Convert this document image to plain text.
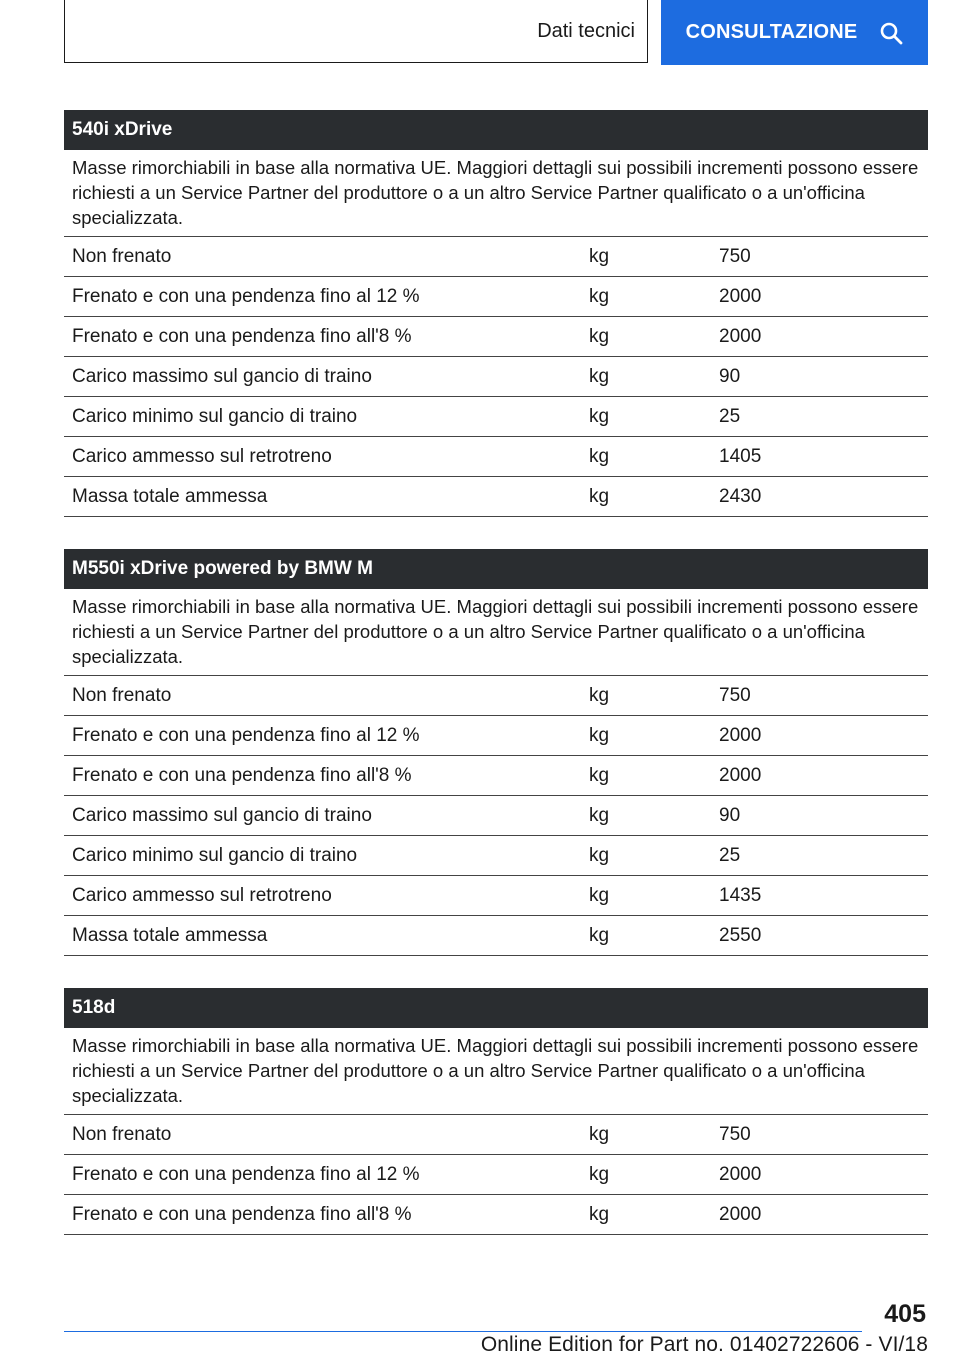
Dati tecnici	CONSULTAZIONE
540i xDrive
Masse rimorchiabili in base alla normativa UE. Maggiori dettagli sui possibili incrementi possono essere richiesti a un Service Partner del produttore o a un altro Service Partner qualificato o a un'officina specializzata.
Non frenato	kg	750
Frenato e con una pendenza fino al 12 %	kg	2000
Frenato e con una pendenza fino all'8 %	kg	2000
Carico massimo sul gancio di traino	kg	90
Carico minimo sul gancio di traino	kg	25
Carico ammesso sul retrotreno	kg	1405
Massa totale ammessa	kg	2430
M550i xDrive powered by BMW M
Masse rimorchiabili in base alla normativa UE. Maggiori dettagli sui possibili incrementi possono essere richiesti a un Service Partner del produttore o a un altro Service Partner qualificato o a un'officina specializzata.
Non frenato	kg	750
Frenato e con una pendenza fino al 12 %	kg	2000
Frenato e con una pendenza fino all'8 %	kg	2000
Carico massimo sul gancio di traino	kg	90
Carico minimo sul gancio di traino	kg	25
Carico ammesso sul retrotreno	kg	1435
Massa totale ammessa	kg	2550
518d
Masse rimorchiabili in base alla normativa UE. Maggiori dettagli sui possibili incrementi possono essere richiesti a un Service Partner del produttore o a un altro Service Partner qualificato o a un'officina specializzata.
Non frenato	kg	750
Frenato e con una pendenza fino al 12 %	kg	2000
Frenato e con una pendenza fino all'8 %	kg	2000
405
Online Edition for Part no. 01402722606 - VI/18
